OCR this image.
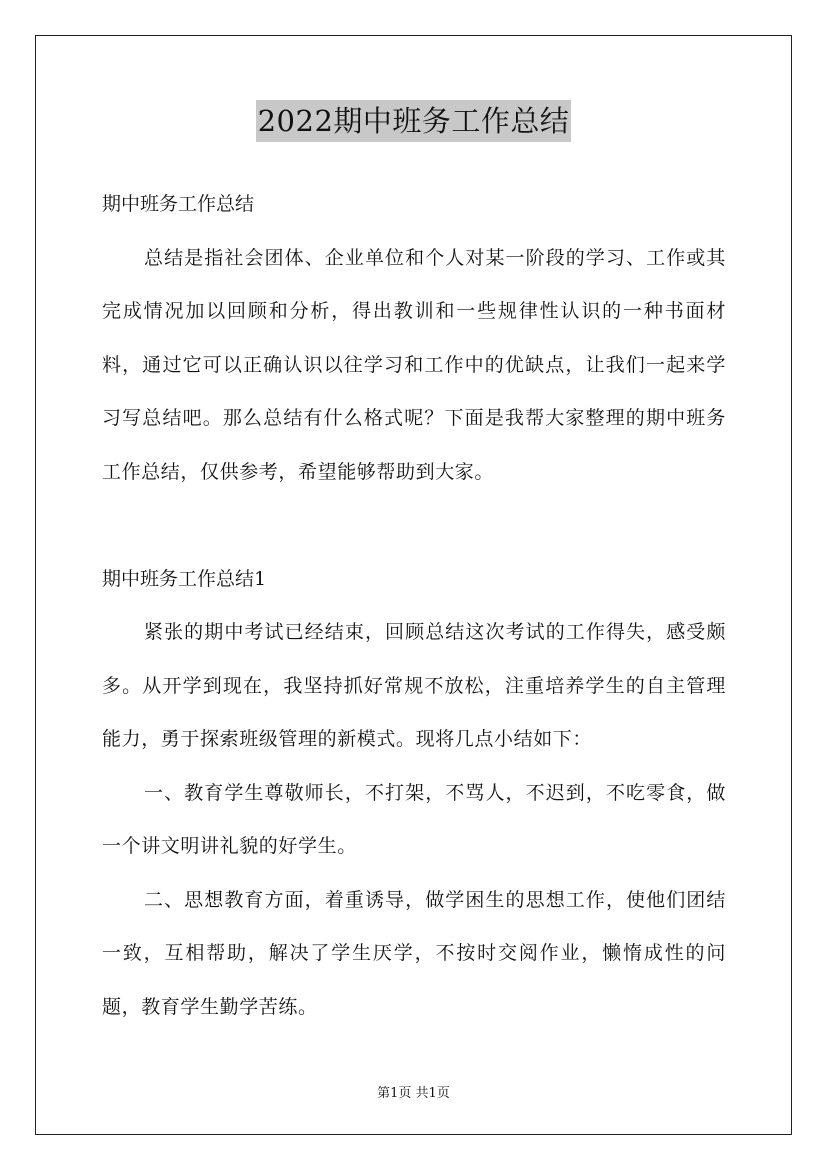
2022期中班务工作总结

期中班务工作总结

总结是指社会团体、企业单位和个人对某一阶段的学习、工作或其完成情况加以回顾和分析，得出教训和一些规律性认识的一种书面材料，通过它可以正确认识以往学习和工作中的优缺点，让我们一起来学习写总结吧。那么总结有什么格式呢？下面是我帮大家整理的期中班务工作总结，仅供参考，希望能够帮助到大家。

期中班务工作总结1

紧张的期中考试已经结束，回顾总结这次考试的工作得失，感受颇多。从开学到现在，我坚持抓好常规不放松，注重培养学生的自主管理能力，勇于探索班级管理的新模式。现将几点小结如下：

一、教育学生尊敬师长，不打架，不骂人，不迟到，不吃零食，做一个讲文明讲礼貌的好学生。

二、思想教育方面，着重诱导，做学困生的思想工作，使他们团结一致，互相帮助，解决了学生厌学，不按时交阅作业，懒惰成性的问题，教育学生勤学苦练。

第1页 共1页
